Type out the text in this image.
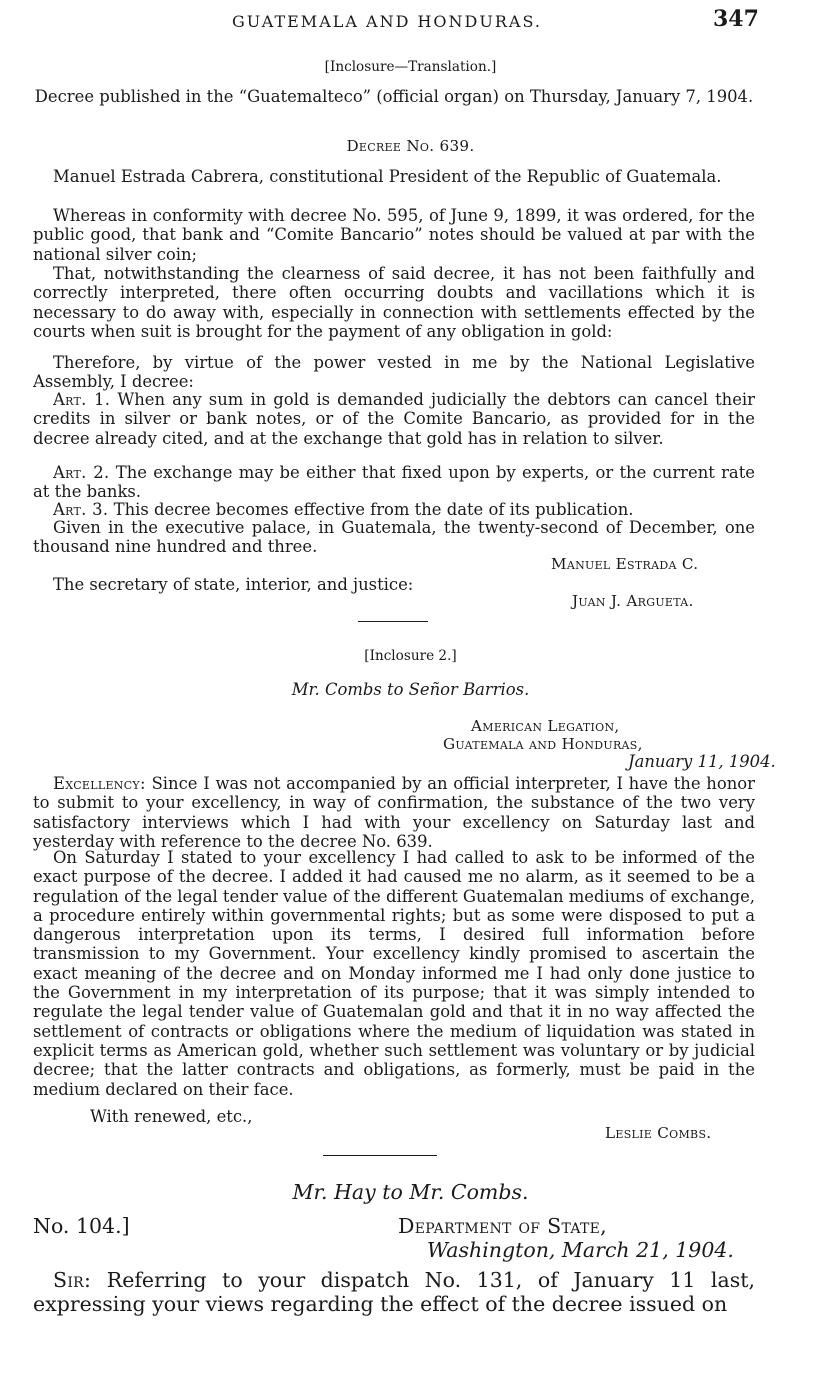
GUATEMALA AND HONDURAS.	347
[Inclosure—Translation.]
Decree published in the “Guatemalteco” (official organ) on Thursday, January 7, 1904.
Decree No. 639.
Manuel Estrada Cabrera, constitutional President of the Republic of Guatemala.
Whereas in conformity with decree No. 595, of June 9, 1899, it was ordered, for the public good, that bank and “Comite Bancario” notes should be valued at par with the national silver coin;
That, notwithstanding the clearness of said decree, it has not been faithfully and correctly interpreted, there often occurring doubts and vacillations which it is necessary to do away with, especially in connection with settlements effected by the courts when suit is brought for the payment of any obligation in gold:
Therefore, by virtue of the power vested in me by the National Legislative Assembly, I decree:
Art. 1. When any sum in gold is demanded judicially the debtors can cancel their credits in silver or bank notes, or of the Comite Bancario, as provided for in the decree already cited, and at the exchange that gold has in relation to silver.
Art. 2. The exchange may be either that fixed upon by experts, or the current rate at the banks.
Art. 3. This decree becomes effective from the date of its publication.
Given in the executive palace, in Guatemala, the twenty-second of December, one thousand nine hundred and three.
Manuel Estrada C.
The secretary of state, interior, and justice:
Juan J. Argueta.
[Inclosure 2.]
Mr. Combs to Señor Barrios.
American Legation,
Guatemala and Honduras,
January 11, 1904.
Excellency: Since I was not accompanied by an official interpreter, I have the honor to submit to your excellency, in way of confirmation, the substance of the two very satisfactory interviews which I had with your excellency on Saturday last and yesterday with reference to the decree No. 639.
On Saturday I stated to your excellency I had called to ask to be informed of the exact purpose of the decree. I added it had caused me no alarm, as it seemed to be a regulation of the legal tender value of the different Guatemalan mediums of exchange, a procedure entirely within governmental rights; but as some were disposed to put a dangerous interpretation upon its terms, I desired full information before transmission to my Government. Your excellency kindly promised to ascertain the exact meaning of the decree and on Monday informed me I had only done justice to the Government in my interpretation of its purpose; that it was simply intended to regulate the legal tender value of Guatemalan gold and that it in no way affected the settlement of contracts or obligations where the medium of liquidation was stated in explicit terms as American gold, whether such settlement was voluntary or by judicial decree; that the latter contracts and obligations, as formerly, must be paid in the medium declared on their face.
With renewed, etc.,
Leslie Combs.
Mr. Hay to Mr. Combs.
No. 104.]	Department of State,
Washington, March 21, 1904.
Sir: Referring to your dispatch No. 131, of January 11 last, expressing your views regarding the effect of the decree issued on
